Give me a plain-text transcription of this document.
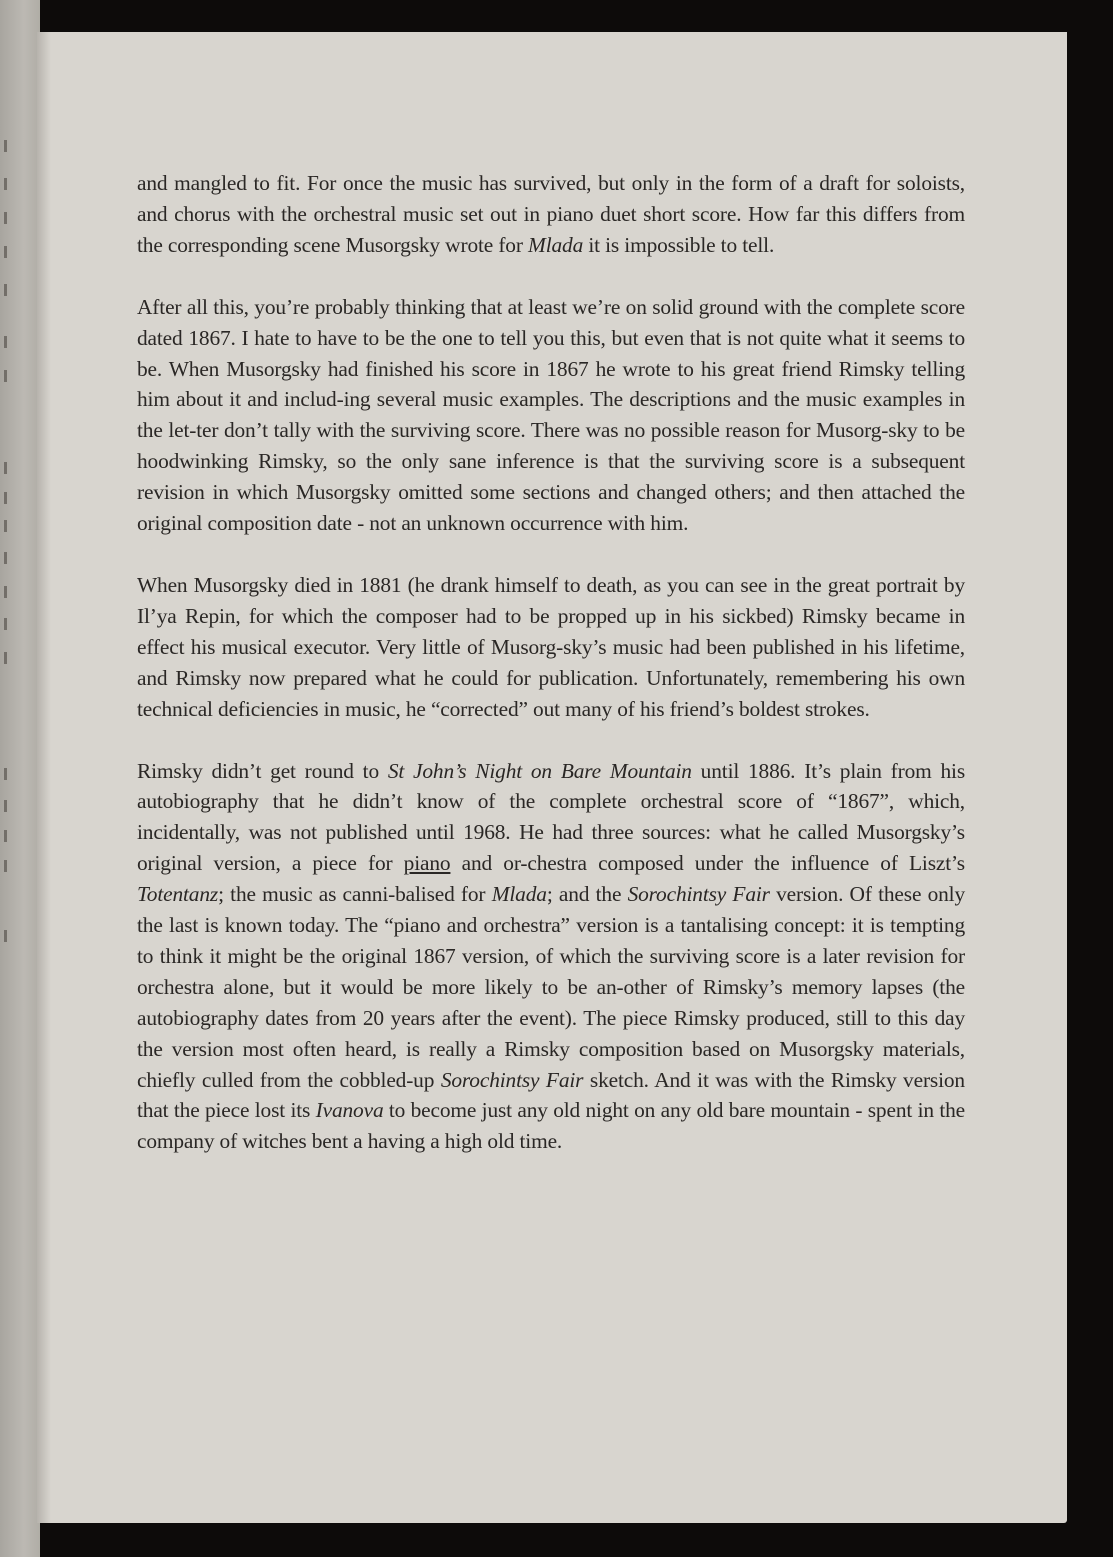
and mangled to fit. For once the music has survived, but only in the form of a draft for soloists, and chorus with the orchestral music set out in piano duet short score. How far this differs from the corresponding scene Musorgsky wrote for Mlada it is impossible to tell.

After all this, you’re probably thinking that at least we’re on solid ground with the complete score dated 1867. I hate to have to be the one to tell you this, but even that is not quite what it seems to be. When Musorgsky had finished his score in 1867 he wrote to his great friend Rimsky telling him about it and includ-ing several music examples. The descriptions and the music examples in the let-ter don’t tally with the surviving score. There was no possible reason for Musorg-sky to be hoodwinking Rimsky, so the only sane inference is that the surviving score is a subsequent revision in which Musorgsky omitted some sections and changed others; and then attached the original composition date - not an unknown occurrence with him.

When Musorgsky died in 1881 (he drank himself to death, as you can see in the great portrait by Il’ya Repin, for which the composer had to be propped up in his sickbed) Rimsky became in effect his musical executor. Very little of Musorg-sky’s music had been published in his lifetime, and Rimsky now prepared what he could for publication. Unfortunately, remembering his own technical deficiencies in music, he “corrected” out many of his friend’s boldest strokes.

Rimsky didn’t get round to St John’s Night on Bare Mountain until 1886. It’s plain from his autobiography that he didn’t know of the complete orchestral score of “1867”, which, incidentally, was not published until 1968. He had three sources: what he called Musorgsky’s original version, a piece for piano and or-chestra composed under the influence of Liszt’s Totentanz; the music as canni-balised for Mlada; and the Sorochintsy Fair version. Of these only the last is known today. The “piano and orchestra” version is a tantalising concept: it is tempting to think it might be the original 1867 version, of which the surviving score is a later revision for orchestra alone, but it would be more likely to be an-other of Rimsky’s memory lapses (the autobiography dates from 20 years after the event). The piece Rimsky produced, still to this day the version most often heard, is really a Rimsky composition based on Musorgsky materials, chiefly culled from the cobbled-up Sorochintsy Fair sketch. And it was with the Rimsky version that the piece lost its Ivanova to become just any old night on any old bare mountain - spent in the company of witches bent a having a high old time.
